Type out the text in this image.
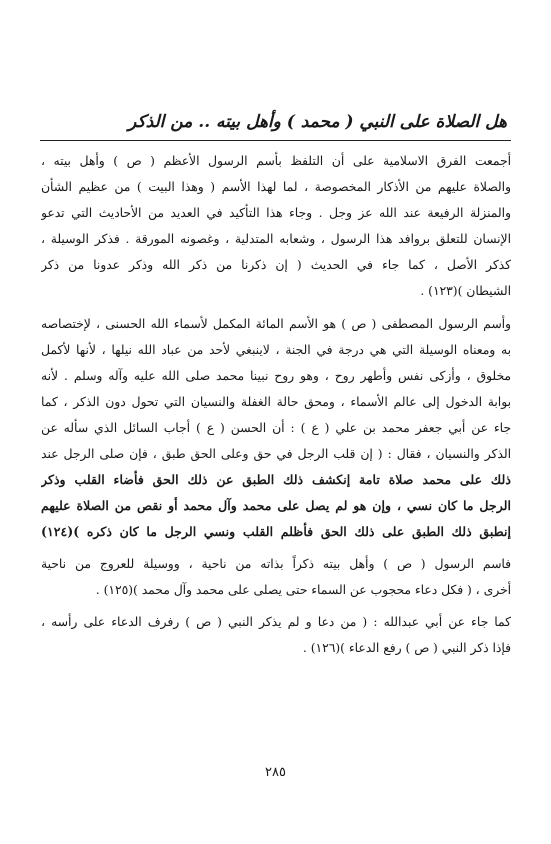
هل الصلاة على النبي ( محمد ) وأهل بيته .. من الذكر
أجمعت الفرق الاسلامية على أن التلفظ بأسم الرسول الأعظم ( ص ) وأهل بيته ،
والصلاة عليهم من الأذكار المخصوصة ، لما لهذا الأسم ( وهذا البيت ) من عظيم الشأن
والمنزلة الرفيعة عند الله عز وجل . وجاء هذا التأكيد في العديد من الأحاديث التي تدعو
الإنسان للتعلق بروافد هذا الرسول ، وشعابه المتدلية ، وغصونه المورقة . فذكر الوسيلة ،
كذكر الأصل ، كما جاء في الحديث ( إن ذكرنا من ذكر الله وذكر عدونا من ذكر
الشيطان )(١٢٣) .
وأسم الرسول المصطفى ( ص ) هو الأسم المائة المكمل لأسماء الله الحسنى ، لإختصاصه
به ومعناه الوسيلة التي هي درجة في الجنة ، لاينبغي لأحد من عباد الله نيلها ، لأنها لأكمل
مخلوق ، وأزكى نفس وأطهر روح ، وهو روح نبينا محمد صلى الله عليه وآله وسلم . لأنه
بوابة الدخول إلى عالم الأسماء ، ومحق حالة الغفلة والنسيان التي تحول دون الذكر ، كما
جاء عن أبي جعفر محمد بن علي ( ع ) : أن الحسن ( ع ) أجاب السائل الذي سأله عن
الذكر والنسيان ، فقال : ( إن قلب الرجل في حق وعلى الحق طبق ، فإن صلى الرجل عند
ذلك على محمد صلاة تامة إنكشف ذلك الطبق عن ذلك الحق فأضاء القلب وذكر
الرجل ما كان نسي ، وإن هو لم يصل على محمد وآل محمد أو نقص من الصلاة عليهم
إنطبق ذلك الطبق على ذلك الحق فأظلم القلب ونسي الرجل ما كان ذكره )(١٢٤)
فاسم الرسول ( ص ) وأهل بيته ذكراً بذاته من ناحية ، ووسيلة للعروج من ناحية
أخرى ، ( فكل دعاء محجوب عن السماء حتى يصلى على محمد وآل محمد )(١٢٥) .
كما جاء عن أبي عبدالله : ( من دعا و لم يذكر النبي ( ص ) رفرف الدعاء على رأسه ،
فإذا ذكر النبي ( ص ) رفع الدعاء )(١٢٦) .
٢٨٥
